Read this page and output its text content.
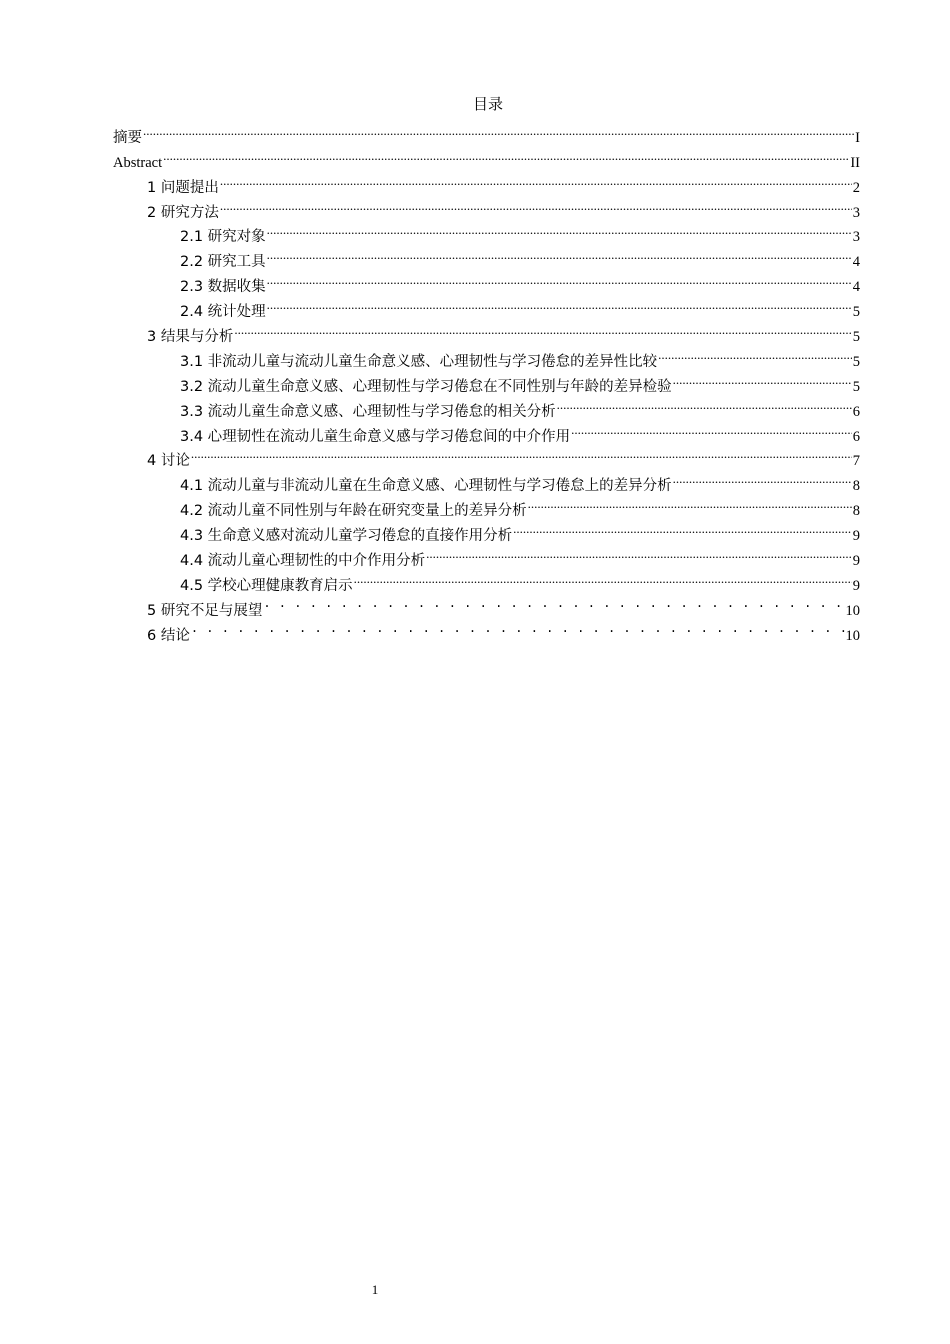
目录
摘要 .....	I
Abstract .....	II
1 问题提出 .....	2
2 研究方法 .....	3
2.1 研究对象 .....	3
2.2 研究工具 .....	4
2.3 数据收集 .....	4
2.4 统计处理 .....	5
3 结果与分析 .....	5
3.1 非流动儿童与流动儿童生命意义感、心理韧性与学习倦怠的差异性比较 .....	5
3.2 流动儿童生命意义感、心理韧性与学习倦怠在不同性别与年龄的差异检验 .....	5
3.3 流动儿童生命意义感、心理韧性与学习倦怠的相关分析 .....	6
3.4 心理韧性在流动儿童生命意义感与学习倦怠间的中介作用 .....	6
4 讨论 .....	7
4.1 流动儿童与非流动儿童在生命意义感、心理韧性与学习倦怠上的差异分析 .....	8
4.2 流动儿童不同性别与年龄在研究变量上的差异分析 .....	8
4.3 生命意义感对流动儿童学习倦怠的直接作用分析 .....	9
4.4 流动儿童心理韧性的中介作用分析 .....	9
4.5 学校心理健康教育启示 .....	9
5 研究不足与展望 . . .	10
6 结论 . . .	10
1
